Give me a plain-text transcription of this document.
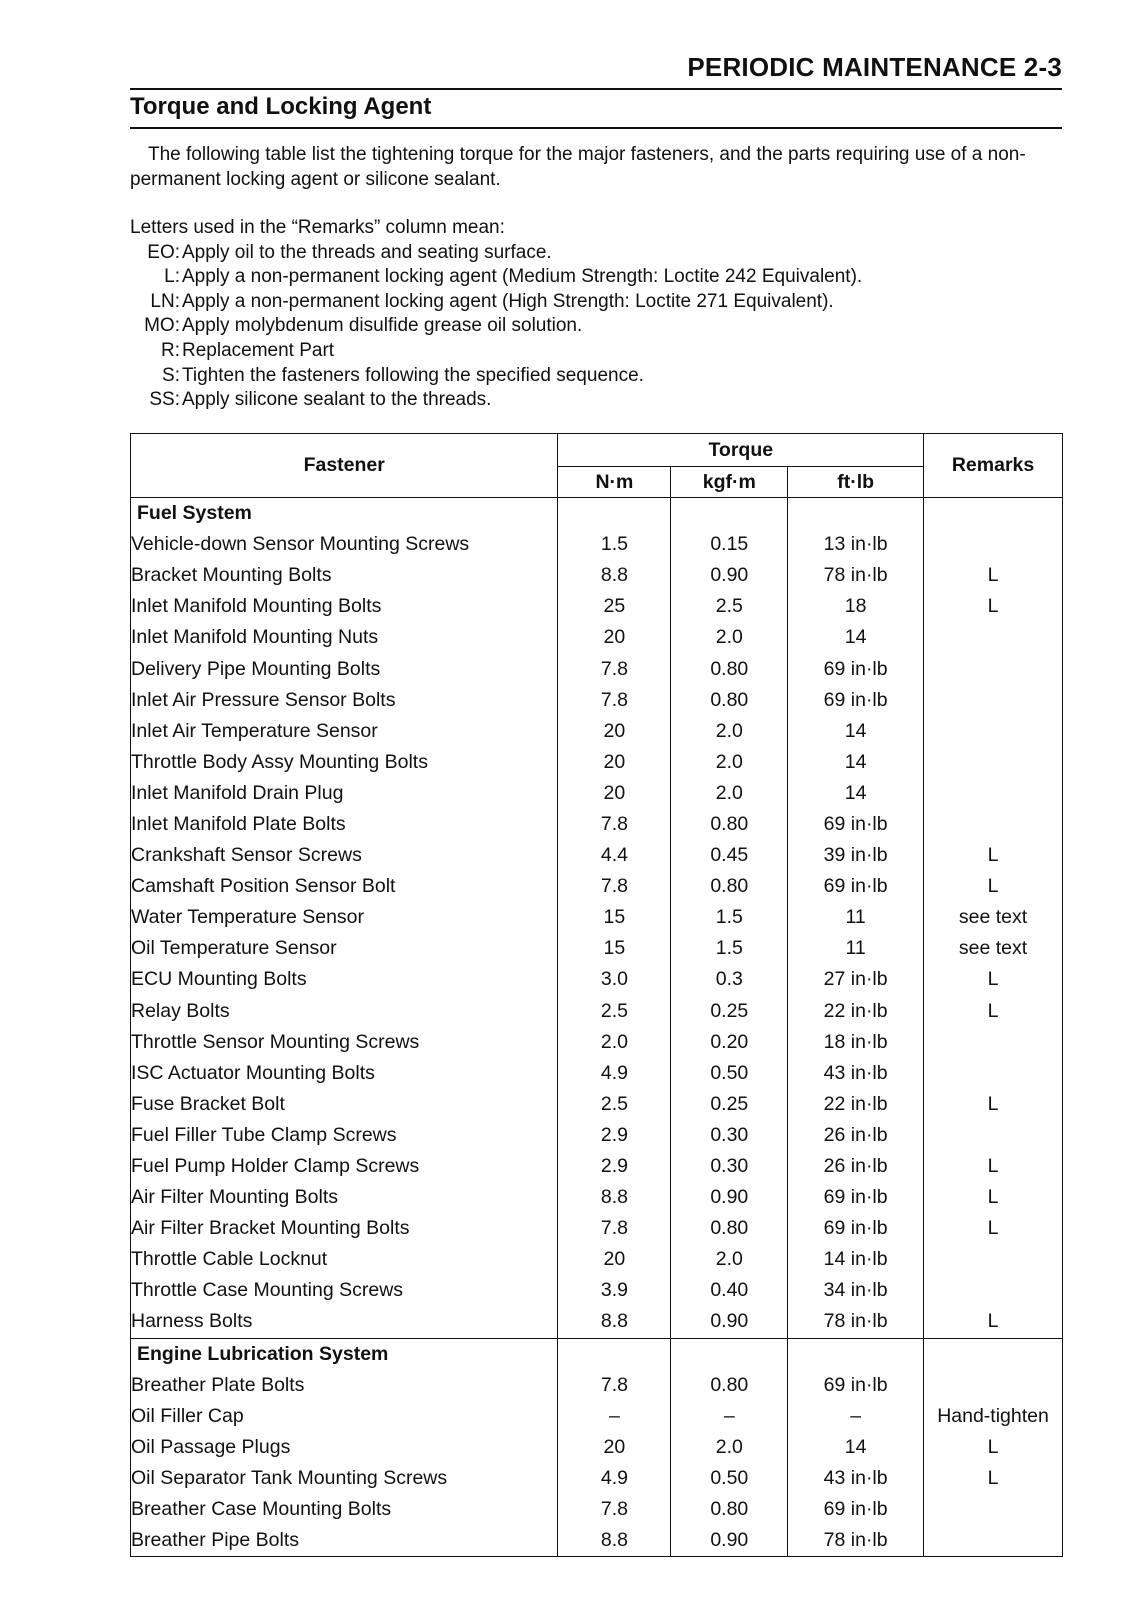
PERIODIC MAINTENANCE 2-3
Torque and Locking Agent
The following table list the tightening torque for the major fasteners, and the parts requiring use of a non-permanent locking agent or silicone sealant.
Letters used in the “Remarks” column mean:
EO: Apply oil to the threads and seating surface.
L: Apply a non-permanent locking agent (Medium Strength: Loctite 242 Equivalent).
LN: Apply a non-permanent locking agent (High Strength: Loctite 271 Equivalent).
MO: Apply molybdenum disulfide grease oil solution.
R: Replacement Part
S: Tighten the fasteners following the specified sequence.
SS: Apply silicone sealant to the threads.
Fastener	Torque			Remarks
	N·m	kgf·m	ft·lb	
Fuel System				
Vehicle-down Sensor Mounting Screws	1.5	0.15	13 in·lb	
Bracket Mounting Bolts	8.8	0.90	78 in·lb	L
Inlet Manifold Mounting Bolts	25	2.5	18	L
Inlet Manifold Mounting Nuts	20	2.0	14	
Delivery Pipe Mounting Bolts	7.8	0.80	69 in·lb	
Inlet Air Pressure Sensor Bolts	7.8	0.80	69 in·lb	
Inlet Air Temperature Sensor	20	2.0	14	
Throttle Body Assy Mounting Bolts	20	2.0	14	
Inlet Manifold Drain Plug	20	2.0	14	
Inlet Manifold Plate Bolts	7.8	0.80	69 in·lb	
Crankshaft Sensor Screws	4.4	0.45	39 in·lb	L
Camshaft Position Sensor Bolt	7.8	0.80	69 in·lb	L
Water Temperature Sensor	15	1.5	11	see text
Oil Temperature Sensor	15	1.5	11	see text
ECU Mounting Bolts	3.0	0.3	27 in·lb	L
Relay Bolts	2.5	0.25	22 in·lb	L
Throttle Sensor Mounting Screws	2.0	0.20	18 in·lb	
ISC Actuator Mounting Bolts	4.9	0.50	43 in·lb	
Fuse Bracket Bolt	2.5	0.25	22 in·lb	L
Fuel Filler Tube Clamp Screws	2.9	0.30	26 in·lb	
Fuel Pump Holder Clamp Screws	2.9	0.30	26 in·lb	L
Air Filter Mounting Bolts	8.8	0.90	69 in·lb	L
Air Filter Bracket Mounting Bolts	7.8	0.80	69 in·lb	L
Throttle Cable Locknut	20	2.0	14 in·lb	
Throttle Case Mounting Screws	3.9	0.40	34 in·lb	
Harness Bolts	8.8	0.90	78 in·lb	L
Engine Lubrication System				
Breather Plate Bolts	7.8	0.80	69 in·lb	
Oil Filler Cap	–	–	–	Hand-tighten
Oil Passage Plugs	20	2.0	14	L
Oil Separator Tank Mounting Screws	4.9	0.50	43 in·lb	L
Breather Case Mounting Bolts	7.8	0.80	69 in·lb	
Breather Pipe Bolts	8.8	0.90	78 in·lb	
